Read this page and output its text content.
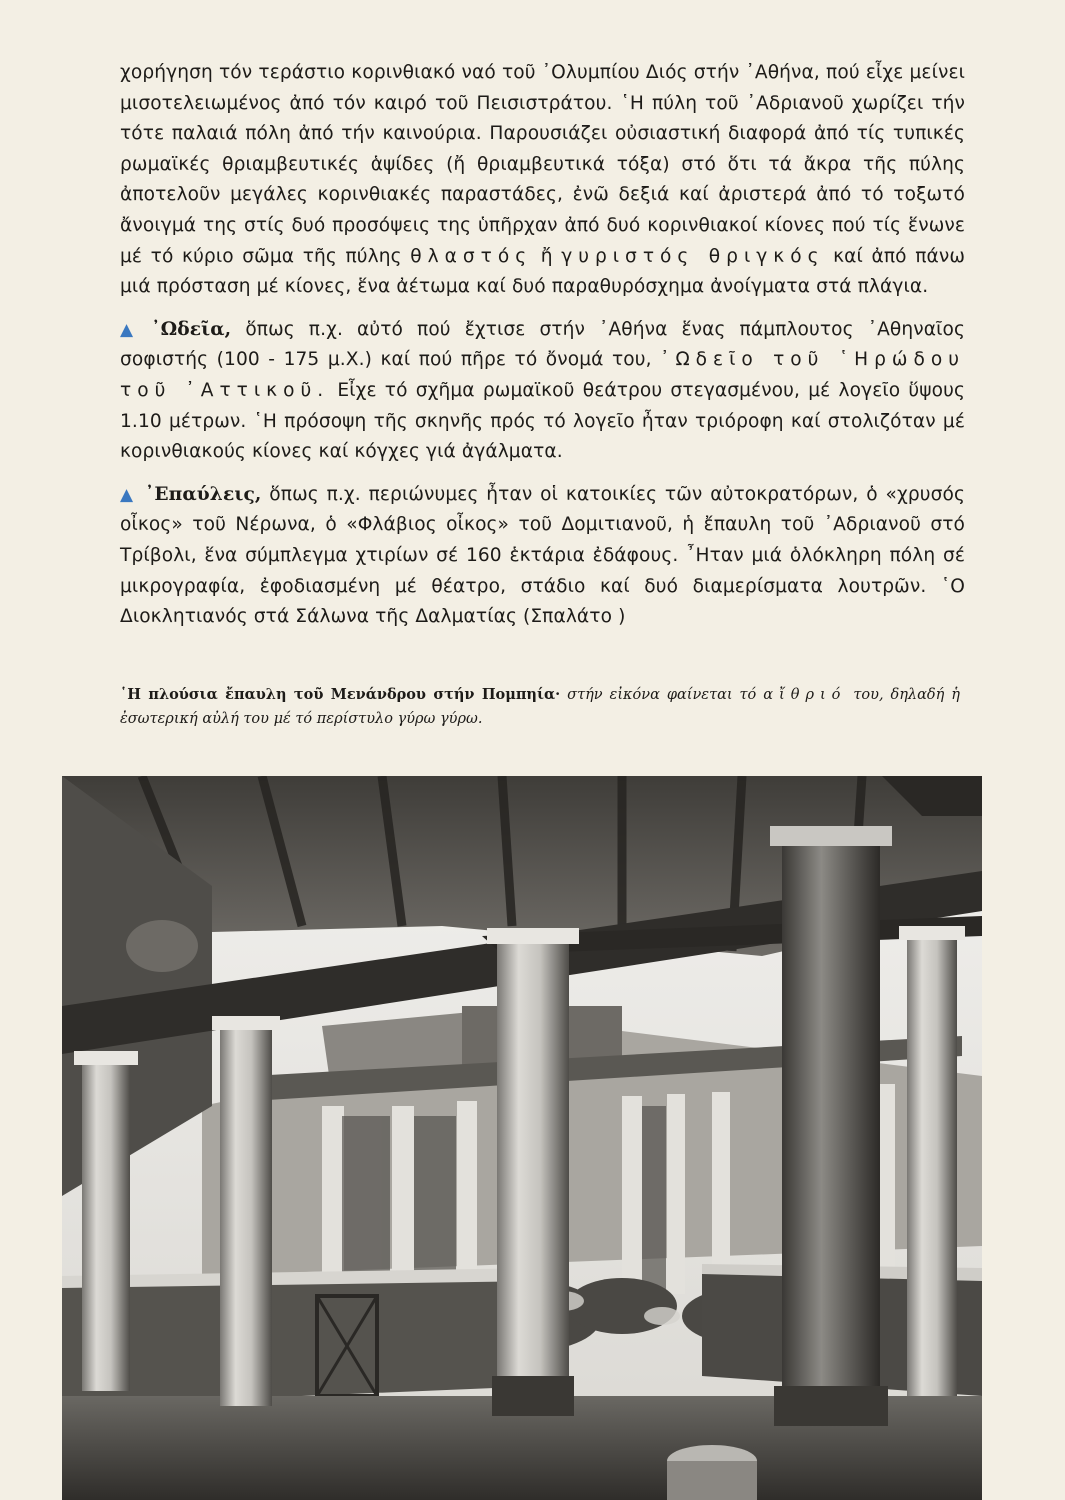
χορήγηση τόν τεράστιο κορινθιακό ναό τοῦ ᾿Ολυμπίου Διός στήν ᾿Αθήνα, πού εἶχε μείνει μισοτελειωμένος ἀπό τόν καιρό τοῦ Πεισιστράτου. ῾Η πύλη τοῦ ᾿Αδριανοῦ χωρίζει τήν τότε παλαιά πόλη ἀπό τήν καινούρια. Παρουσιάζει οὐσιαστική διαφορά ἀπό τίς τυπικές ρωμαϊκές θριαμβευτικές ἁψίδες (ἤ θριαμβευτικά τόξα) στό ὅτι τά ἄκρα τῆς πύλης ἀποτελοῦν μεγάλες κορινθιακές παραστάδες, ἐνῶ δεξιά καί ἀριστερά ἀπό τό τοξωτό ἄνοιγμά της στίς δυό προσόψεις της ὑπῆρχαν ἀπό δυό κορινθιακοί κίονες πού τίς ἕνωνε μέ τό κύριο σῶμα τῆς πύλης θλαστός ἤ γυριστός θριγκός καί ἀπό πάνω μιά πρόσταση μέ κίονες, ἕνα ἀέτωμα καί δυό παραθυρόσχημα ἀνοίγματα στά πλάγια.

▲ ᾿Ωδεῖα, ὅπως π.χ. αὐτό πού ἔχτισε στήν ᾿Αθήνα ἕνας πάμπλουτος ᾿Αθηναῖος σοφιστής (100 - 175 μ.Χ.) καί πού πῆρε τό ὄνομά του, ᾿Ωδεῖο τοῦ ῾Ηρώδου τοῦ ᾿Αττικοῦ. Εἶχε τό σχῆμα ρωμαϊκοῦ θεάτρου στεγασμένου, μέ λογεῖο ὕψους 1.10 μέτρων. ῾Η πρόσοψη τῆς σκηνῆς πρός τό λογεῖο ἦταν τριόροφη καί στολιζόταν μέ κορινθιακούς κίονες καί κόγχες γιά ἀγάλματα.

▲ ᾿Επαύλεις, ὅπως π.χ. περιώνυμες ἦταν οἱ κατοικίες τῶν αὐτοκρατόρων, ὁ «χρυσός οἶκος» τοῦ Νέρωνα, ὁ «Φλάβιος οἶκος» τοῦ Δομιτιανοῦ, ἡ ἔπαυλη τοῦ ᾿Αδριανοῦ στό Τρίβολι, ἕνα σύμπλεγμα χτιρίων σέ 160 ἑκτάρια ἐδάφους. ῏Ηταν μιά ὁλόκληρη πόλη σέ μικρογραφία, ἐφοδιασμένη μέ θέατρο, στάδιο καί δυό διαμερίσματα λουτρῶν. ῾Ο Διοκλητιανός στά Σάλωνα τῆς Δαλματίας (Σπαλάτο )

῾Η πλούσια ἔπαυλη τοῦ Μενάνδρου στήν Πομπηία· στήν εἰκόνα φαίνεται τό αἴθριό του, δηλαδή ἡ ἐσωτερική αὐλή του μέ τό περίστυλο γύρω γύρω.
